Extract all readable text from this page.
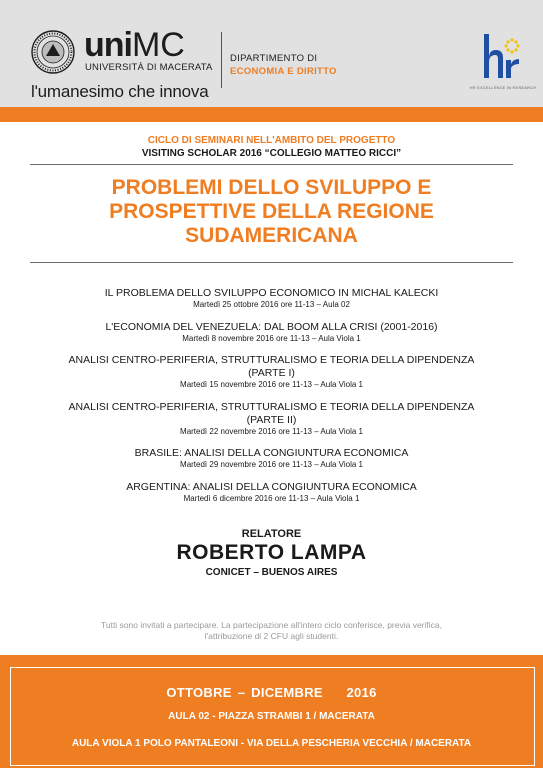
uniMC
UNIVERSITÀ DI MACERATA
l'umanesimo che innova
DIPARTIMENTO DI
ECONOMIA E DIRITTO
HR EXCELLENCE IN RESEARCH
CICLO DI SEMINARI NELL'AMBITO DEL PROGETTO
VISITING SCHOLAR 2016 “COLLEGIO MATTEO RICCI”
PROBLEMI DELLO SVILUPPO E
PROSPETTIVE DELLA REGIONE
SUDAMERICANA
IL PROBLEMA DELLO SVILUPPO ECONOMICO IN MICHAL KALECKI
Martedì 25 ottobre 2016 ore 11-13 – Aula 02
L'ECONOMIA DEL VENEZUELA: DAL BOOM ALLA CRISI (2001-2016)
Martedì 8 novembre 2016 ore 11-13 – Aula Viola 1
ANALISI CENTRO-PERIFERIA, STRUTTURALISMO E TEORIA DELLA DIPENDENZA
(PARTE I)
Martedì 15 novembre 2016 ore 11-13 – Aula Viola 1
ANALISI CENTRO-PERIFERIA, STRUTTURALISMO E TEORIA DELLA DIPENDENZA
(PARTE II)
Martedì 22 novembre 2016 ore 11-13 – Aula Viola 1
BRASILE: ANALISI DELLA CONGIUNTURA ECONOMICA
Martedì 29 novembre 2016 ore 11-13 – Aula Viola 1
ARGENTINA: ANALISI DELLA CONGIUNTURA ECONOMICA
Martedì 6 dicembre 2016 ore 11-13 – Aula Viola 1
RELATORE
ROBERTO LAMPA
CONICET – BUENOS AIRES
Tutti sono invitati a partecipare. La partecipazione all'intero ciclo conferisce, previa verifica,
l'attribuzione di 2 CFU agli studenti.
OTTOBRE – DICEMBRE    2016
AULA 02 - PIAZZA STRAMBI 1 / MACERATA
AULA VIOLA 1 POLO PANTALEONI - VIA DELLA PESCHERIA VECCHIA / MACERATA
